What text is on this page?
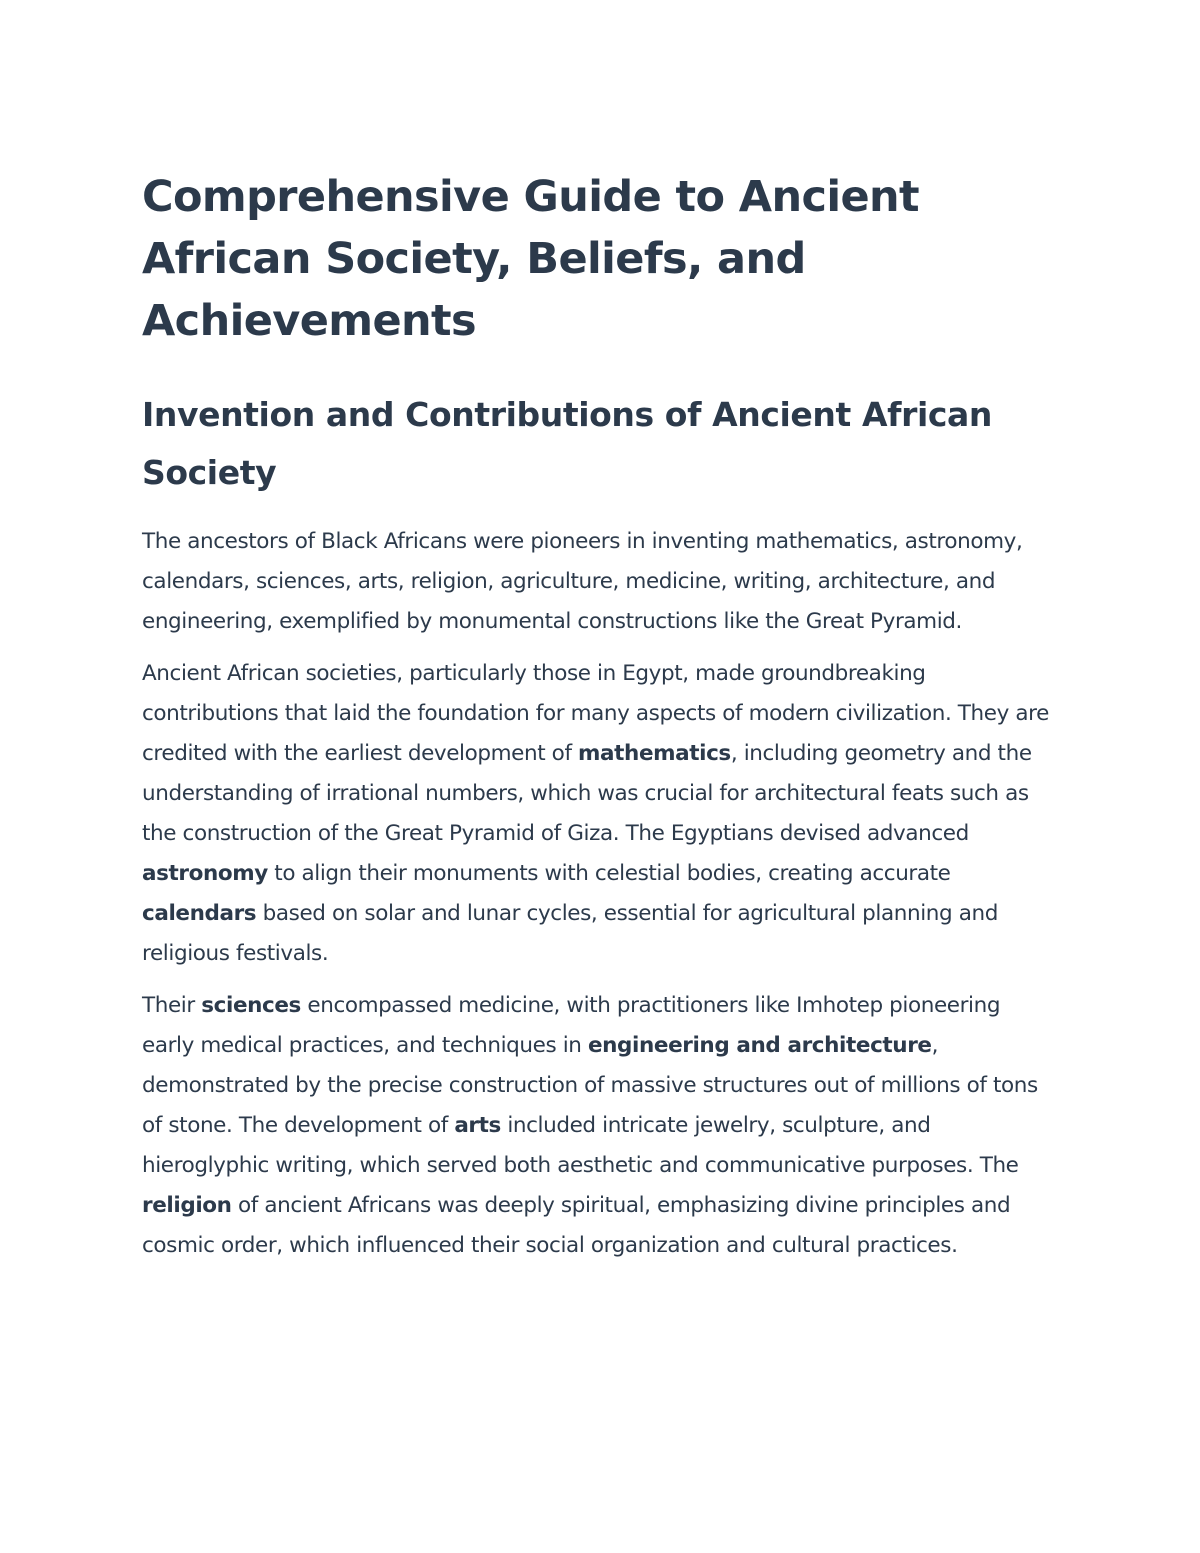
Comprehensive Guide to Ancient African Society, Beliefs, and Achievements
Invention and Contributions of Ancient African Society

The ancestors of Black Africans were pioneers in inventing mathematics, astronomy, calendars, sciences, arts, religion, agriculture, medicine, writing, architecture, and engineering, exemplified by monumental constructions like the Great Pyramid.

Ancient African societies, particularly those in Egypt, made groundbreaking contributions that laid the foundation for many aspects of modern civilization. They are credited with the earliest development of mathematics, including geometry and the understanding of irrational numbers, which was crucial for architectural feats such as the construction of the Great Pyramid of Giza. The Egyptians devised advanced astronomy to align their monuments with celestial bodies, creating accurate calendars based on solar and lunar cycles, essential for agricultural planning and religious festivals.

Their sciences encompassed medicine, with practitioners like Imhotep pioneering early medical practices, and techniques in engineering and architecture, demonstrated by the precise construction of massive structures out of millions of tons of stone. The development of arts included intricate jewelry, sculpture, and hieroglyphic writing, which served both aesthetic and communicative purposes. The religion of ancient Africans was deeply spiritual, emphasizing divine principles and cosmic order, which influenced their social organization and cultural practices.
